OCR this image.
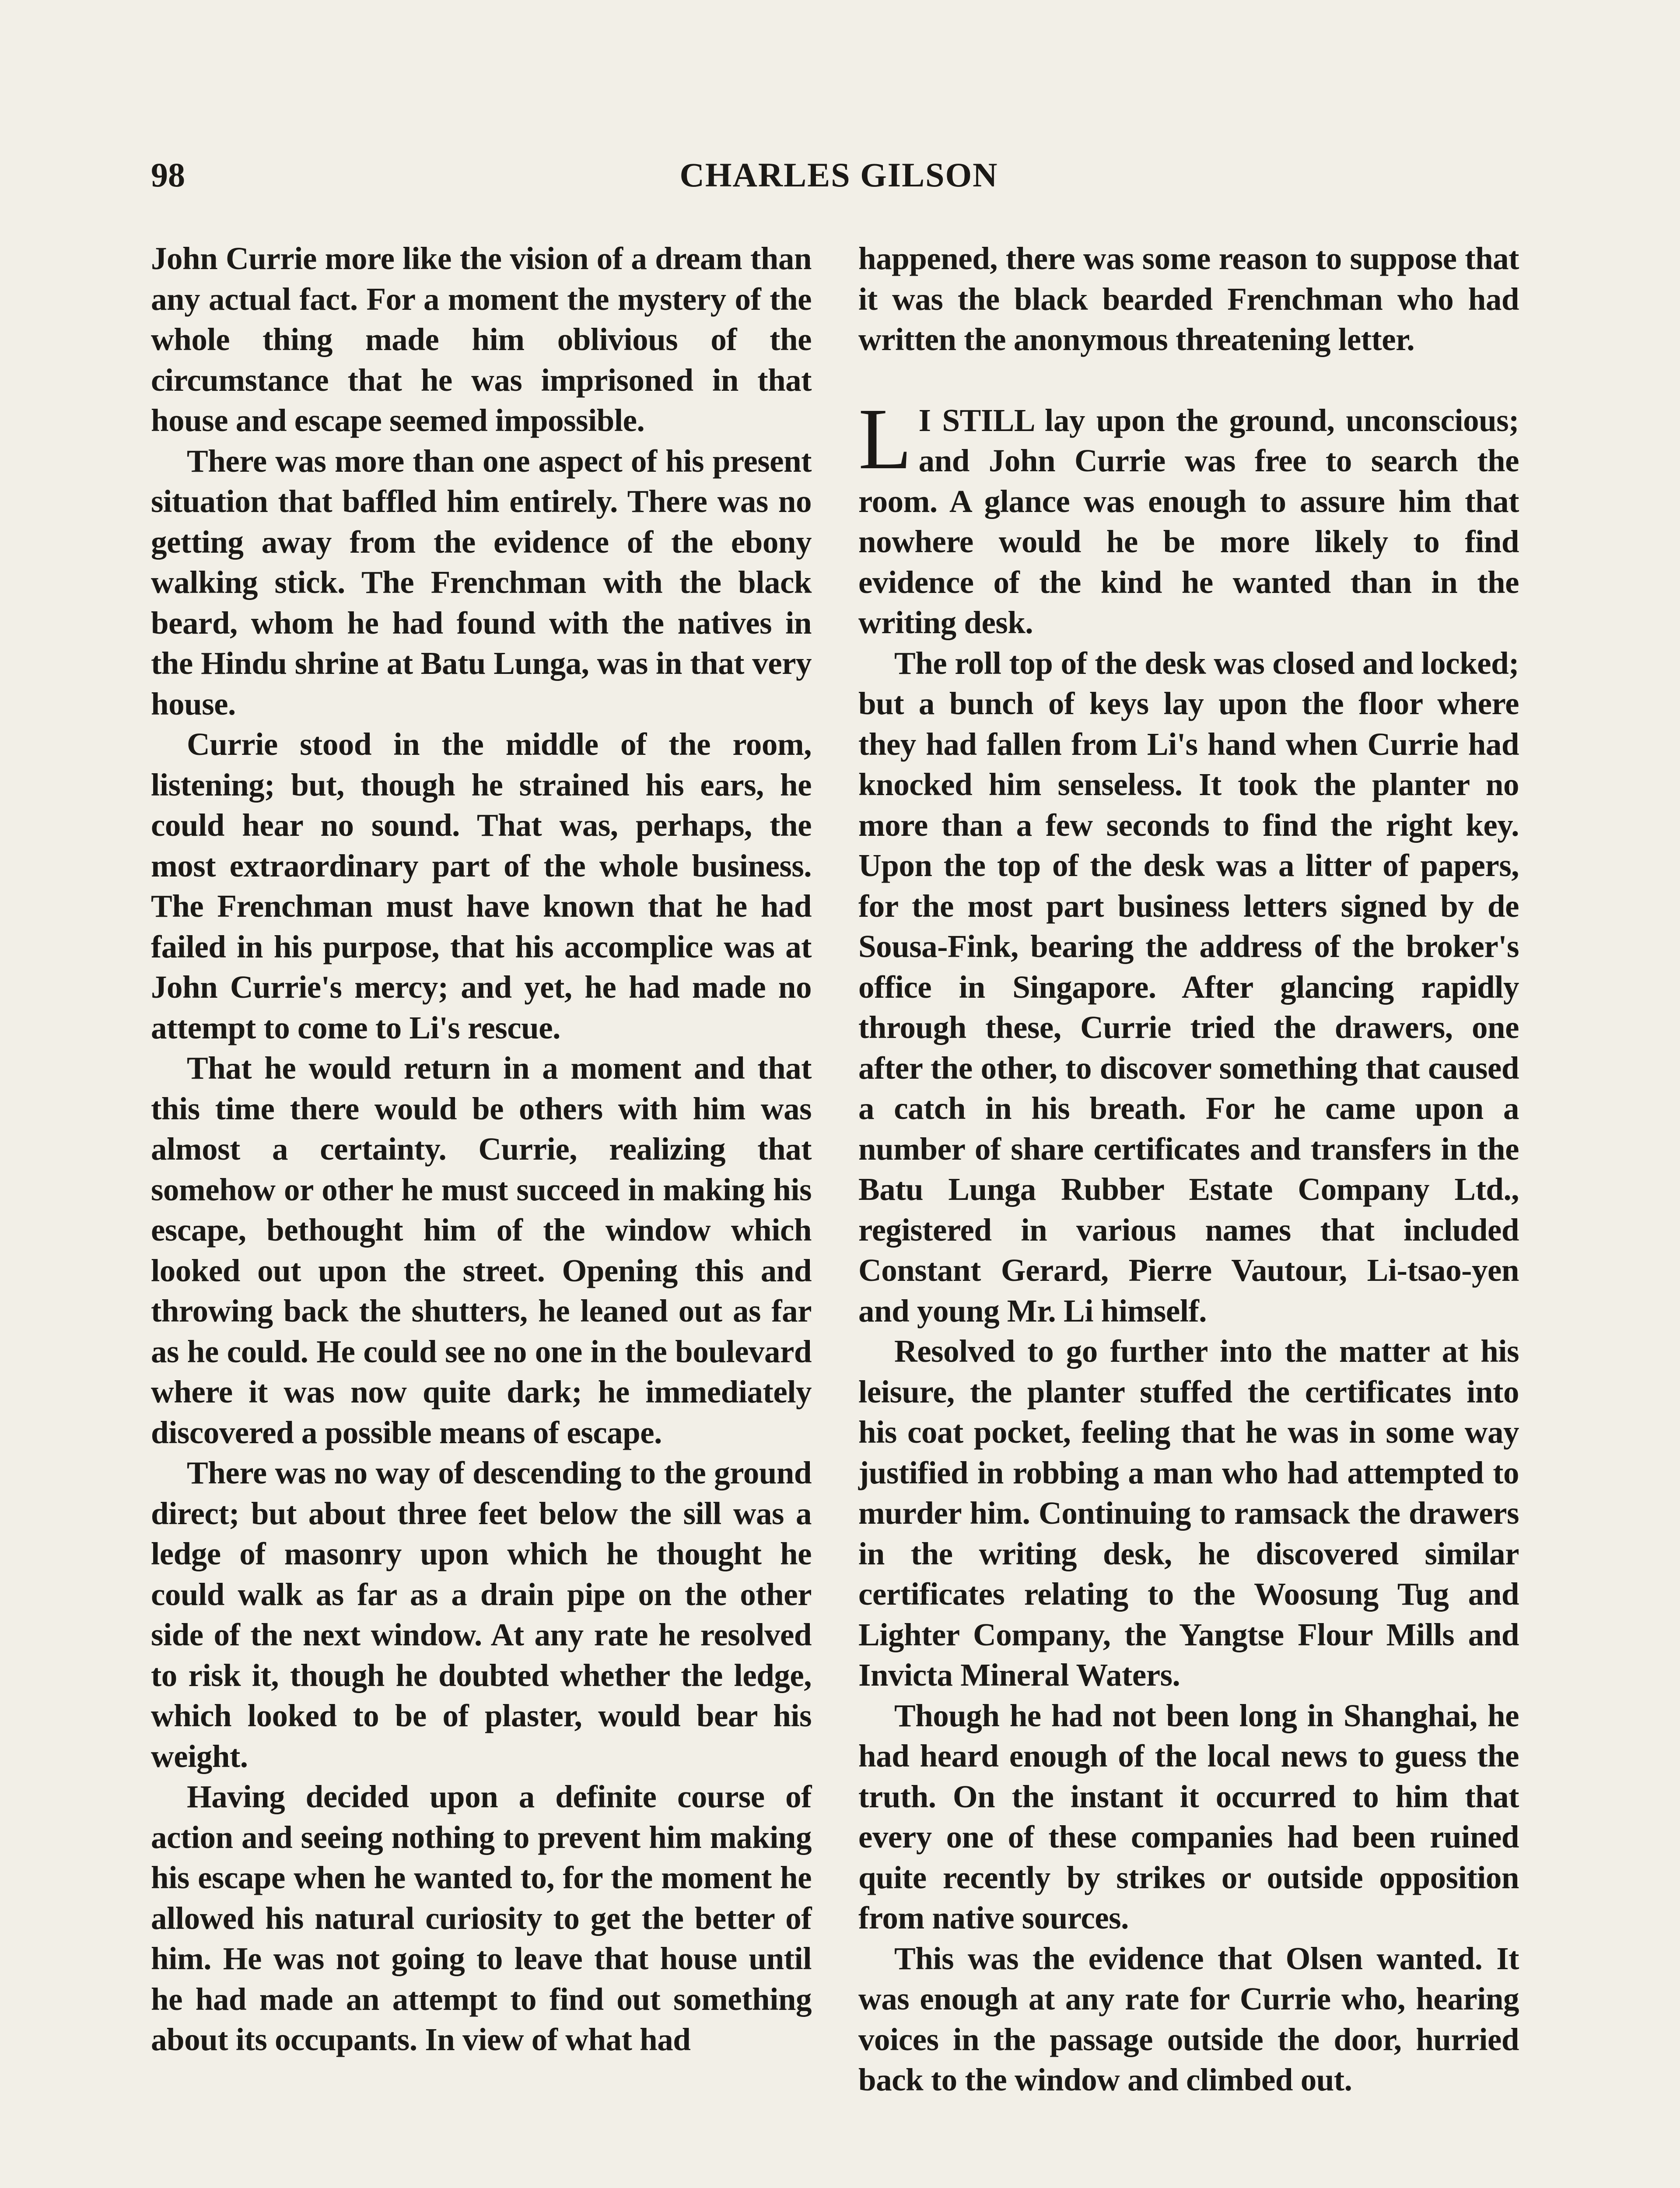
98	CHARLES GILSON

John Currie more like the vision of a dream than any actual fact. For a moment the mystery of the whole thing made him oblivious of the circumstance that he was imprisoned in that house and escape seemed impossible.

There was more than one aspect of his present situation that baffled him entirely. There was no getting away from the evidence of the ebony walking stick. The Frenchman with the black beard, whom he had found with the natives in the Hindu shrine at Batu Lunga, was in that very house.

Currie stood in the middle of the room, listening; but, though he strained his ears, he could hear no sound. That was, perhaps, the most extraordinary part of the whole business. The Frenchman must have known that he had failed in his purpose, that his accomplice was at John Currie's mercy; and yet, he had made no attempt to come to Li's rescue.

That he would return in a moment and that this time there would be others with him was almost a certainty. Currie, realizing that somehow or other he must succeed in making his escape, bethought him of the window which looked out upon the street. Opening this and throwing back the shutters, he leaned out as far as he could. He could see no one in the boulevard where it was now quite dark; he immediately discovered a possible means of escape.

There was no way of descending to the ground direct; but about three feet below the sill was a ledge of masonry upon which he thought he could walk as far as a drain pipe on the other side of the next window. At any rate he resolved to risk it, though he doubted whether the ledge, which looked to be of plaster, would bear his weight.

Having decided upon a definite course of action and seeing nothing to prevent him making his escape when he wanted to, for the moment he allowed his natural curiosity to get the better of him. He was not going to leave that house until he had made an attempt to find out something about its occupants. In view of what had

happened, there was some reason to suppose that it was the black bearded Frenchman who had written the anonymous threatening letter.

L I STILL lay upon the ground, unconscious; and John Currie was free to search the room. A glance was enough to assure him that nowhere would he be more likely to find evidence of the kind he wanted than in the writing desk.

The roll top of the desk was closed and locked; but a bunch of keys lay upon the floor where they had fallen from Li's hand when Currie had knocked him senseless. It took the planter no more than a few seconds to find the right key. Upon the top of the desk was a litter of papers, for the most part business letters signed by de Sousa-Fink, bearing the address of the broker's office in Singapore. After glancing rapidly through these, Currie tried the drawers, one after the other, to discover something that caused a catch in his breath. For he came upon a number of share certificates and transfers in the Batu Lunga Rubber Estate Company Ltd., registered in various names that included Constant Gerard, Pierre Vautour, Li-tsao-yen and young Mr. Li himself.

Resolved to go further into the matter at his leisure, the planter stuffed the certificates into his coat pocket, feeling that he was in some way justified in robbing a man who had attempted to murder him. Continuing to ramsack the drawers in the writing desk, he discovered similar certificates relating to the Woosung Tug and Lighter Company, the Yangtse Flour Mills and Invicta Mineral Waters.

Though he had not been long in Shanghai, he had heard enough of the local news to guess the truth. On the instant it occurred to him that every one of these companies had been ruined quite recently by strikes or outside opposition from native sources.

This was the evidence that Olsen wanted. It was enough at any rate for Currie who, hearing voices in the passage outside the door, hurried back to the window and climbed out.
